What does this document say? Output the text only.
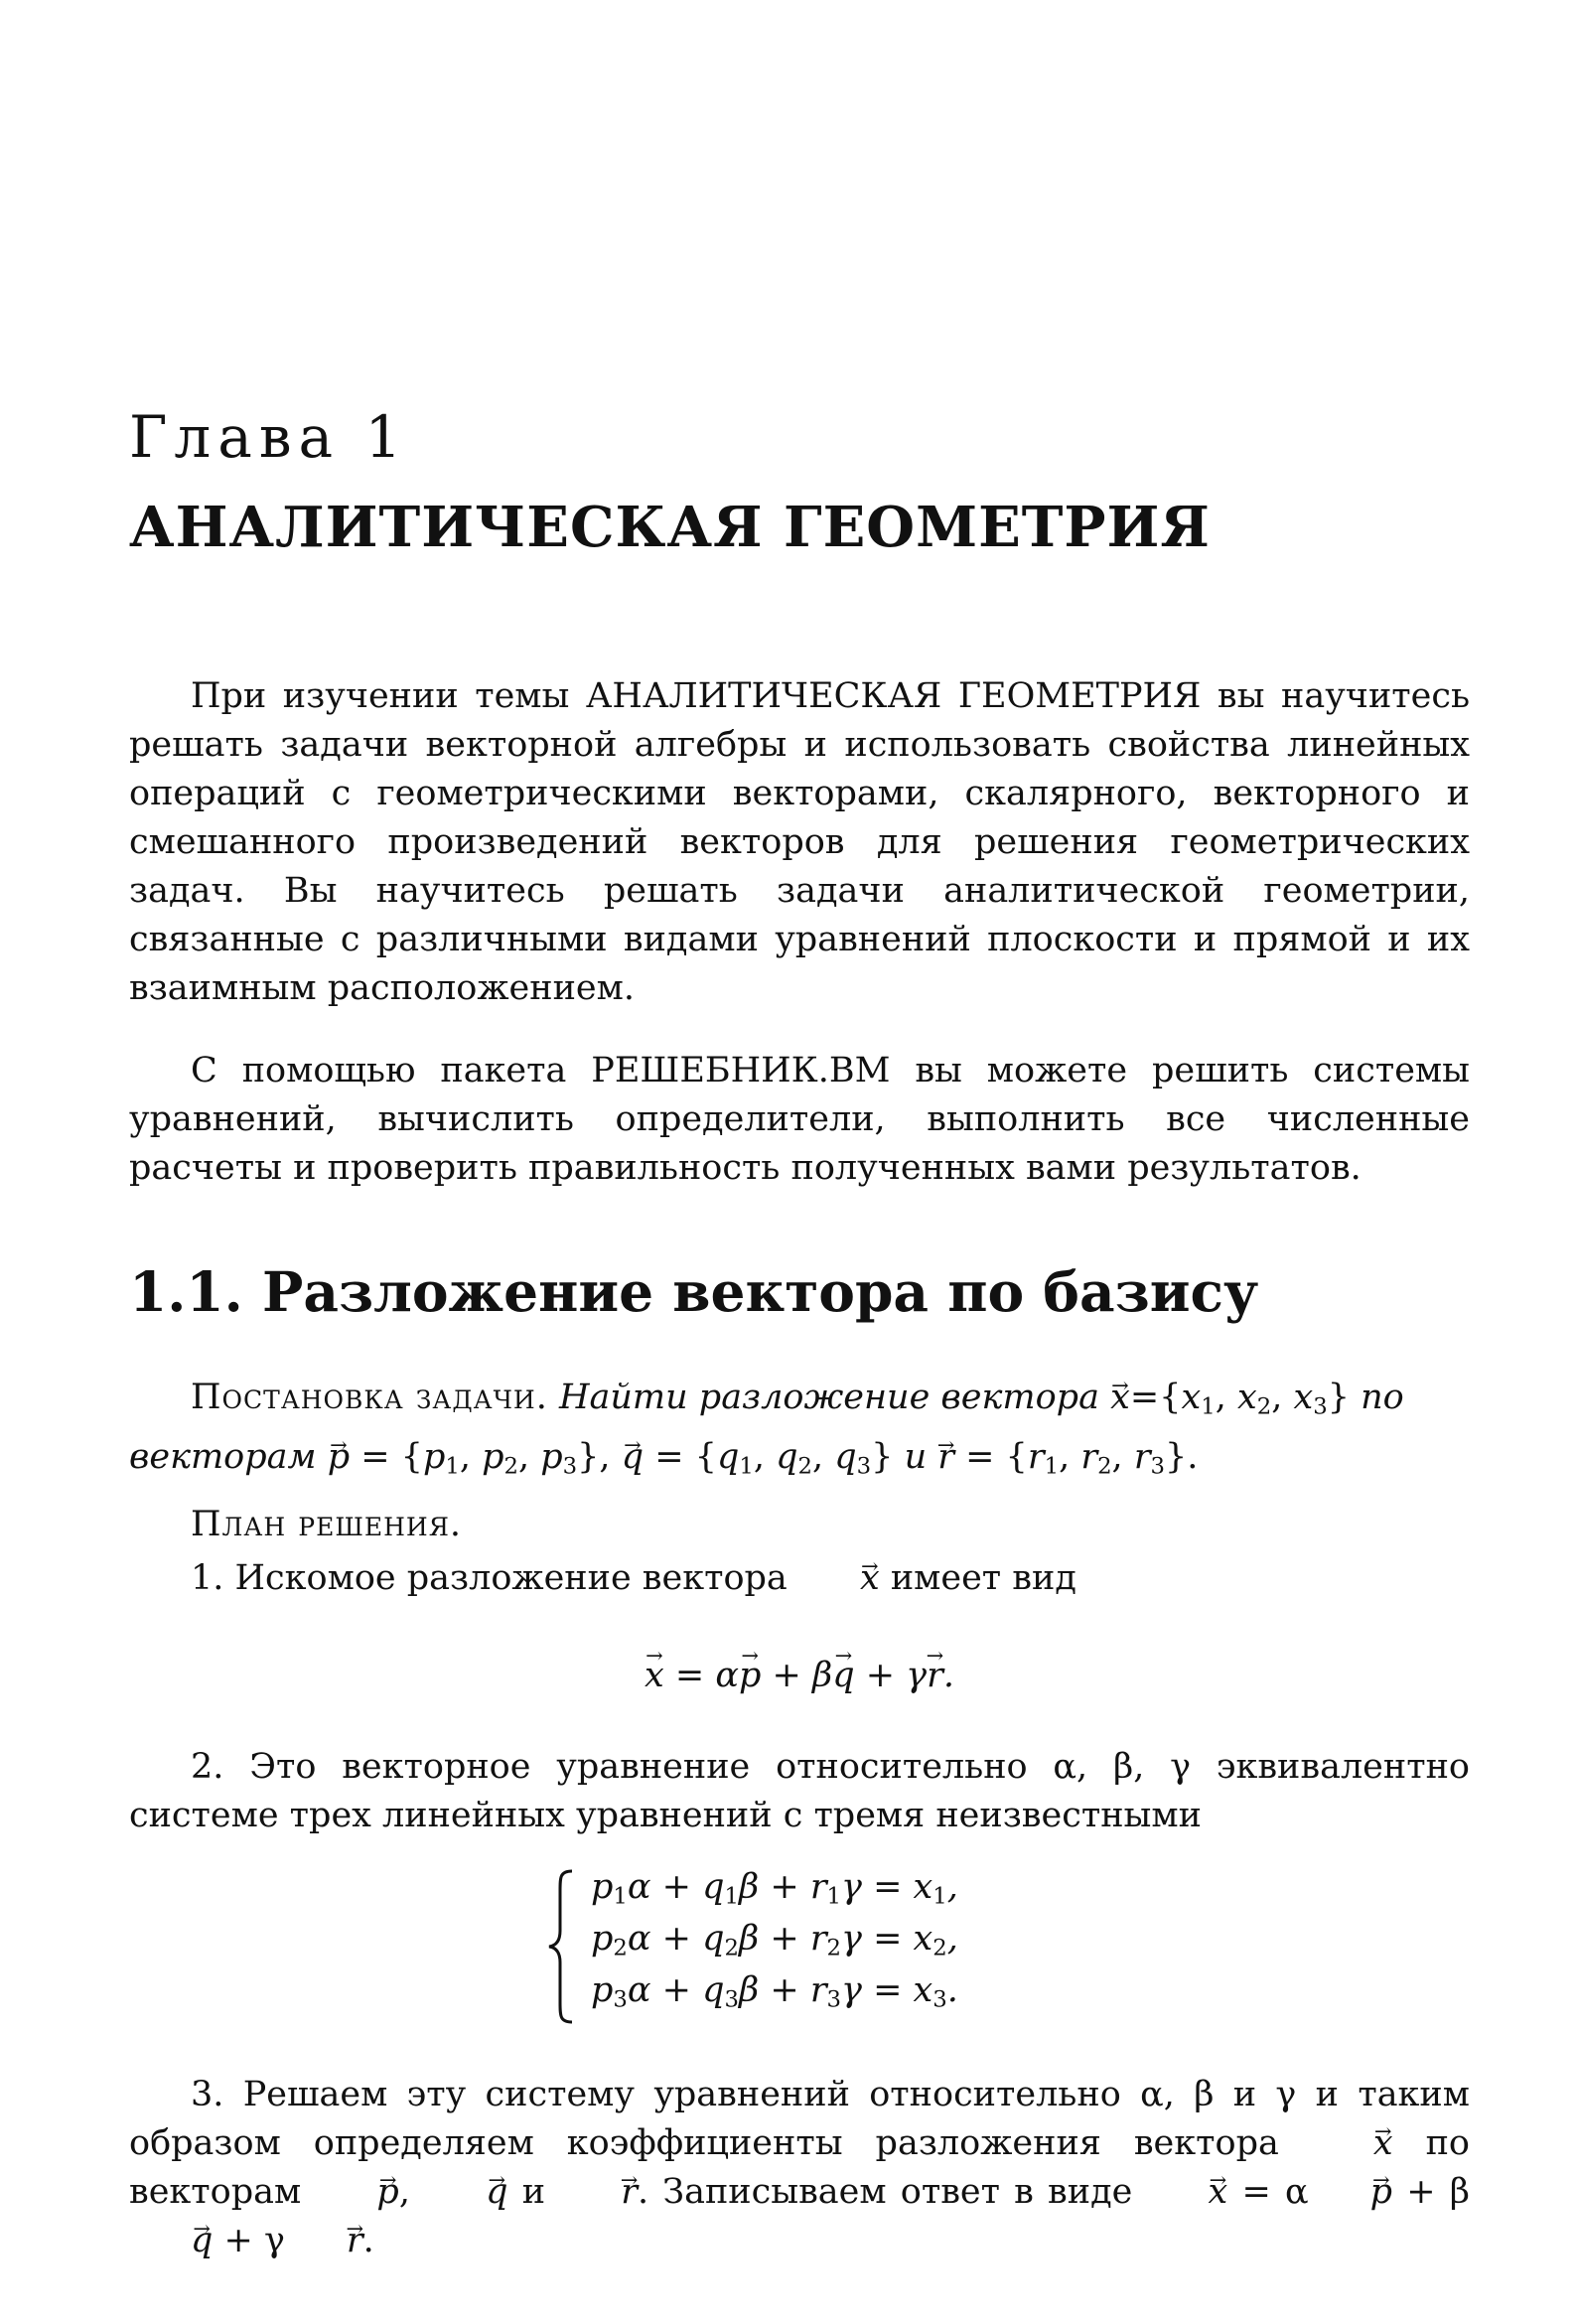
Глава 1
АНАЛИТИЧЕСКАЯ ГЕОМЕТРИЯ

При изучении темы АНАЛИТИЧЕСКАЯ ГЕОМЕТРИЯ вы научитесь решать задачи векторной алгебры и использовать свойства линейных операций с геометрическими векторами, скалярного, векторного и смешанного произведений векторов для решения геометрических задач. Вы научитесь решать задачи аналитической геометрии, связанные с различными видами уравнений плоскости и прямой и их взаимным расположением.

С помощью пакета РЕШЕБНИК.ВМ вы можете решить системы уравнений, вычислить определители, выполнить все численные расчеты и проверить правильность полученных вами результатов.

1.1. Разложение вектора по базису
Постановка задачи. Найти разложение вектора → $x=\{x_1$, $x_2$, $x_3$} по векторам → $p = \{p_1$, $p_2$, $p_3$}, → $q = \{q_1$, $q_2$, $q_3$} $и \to r = \{r_1$, $r_2$, $r_3$}.
План решения.
1. Искомое разложение вектора → x имеет вид
→ x = α→ p + β→ q + γ→ r.
2. Это векторное уравнение относительно α, β, γ эквивалентно системе трех линейных уравнений с тремя неизвестными
$p_1\alpha + q_1\beta + r_1\gamma = x_1$,
$p_2\alpha + q_2\beta + r_2\gamma = x_2$,
$p_3\alpha + q_3\beta + r_3\gamma = x_3$.
3. Решаем эту систему уравнений относительно α, β и γ и таким образом определяем коэффициенты разложения вектора	→ x по векторам → p, → q и → r. Записываем ответ в виде → x = α → p + β→ q + γ → r.
